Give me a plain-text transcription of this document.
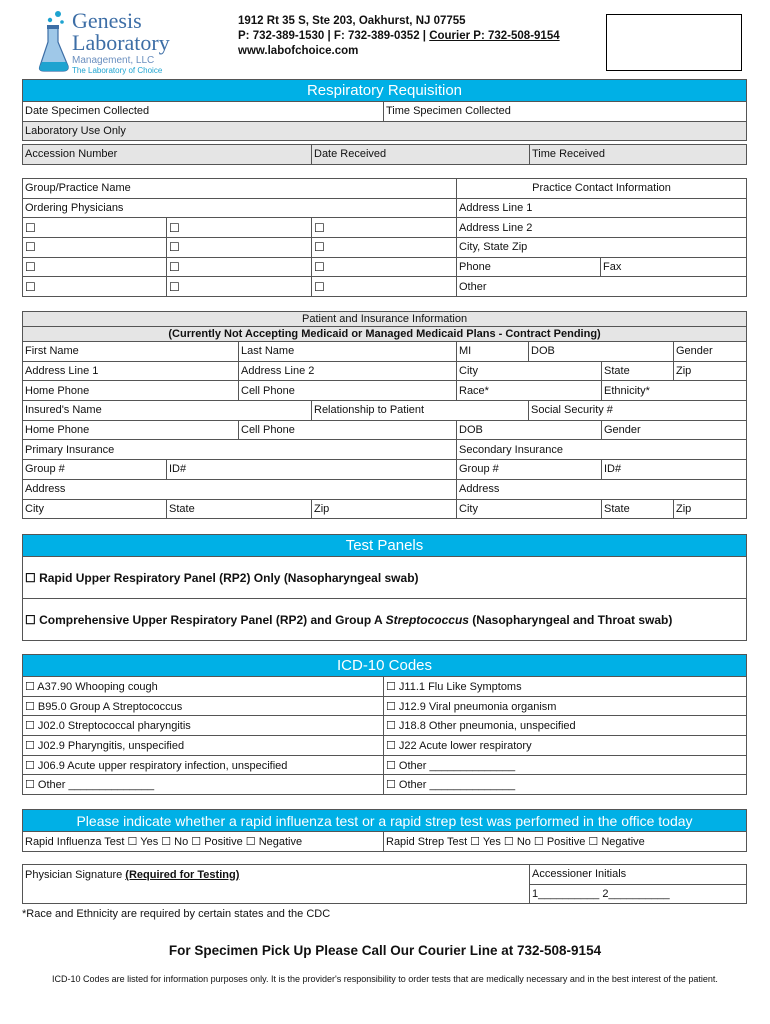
Genesis
Laboratory
Management, LLC
The Laboratory of Choice
1912 Rt 35 S, Ste 203, Oakhurst, NJ 07755
P: 732-389-1530 | F: 732-389-0352 | Courier P: 732-508-9154
www.labofchoice.com
Respiratory Requisition
Date Specimen Collected	Time Specimen Collected
Laboratory Use Only
Accession Number	Date Received	Time Received
Group/Practice Name			Practice Contact Information	
Ordering Physicians			Address Line 1	
☐	☐	☐	Address Line 2	
☐	☐	☐	City, State Zip	
☐	☐	☐	Phone	Fax
☐	☐	☐	Other	
Patient and Insurance Information							
(Currently Not Accepting Medicaid or Managed Medicaid Plans - Contract Pending)							
First Name		Last Name		MI	DOB		Gender
Address Line 1		Address Line 2		City		State	Zip
Home Phone		Cell Phone		Race*		Ethnicity*	
Insured's Name			Relationship to Patient		Social Security #		
Home Phone		Cell Phone		DOB		Gender	
Primary Insurance				Secondary Insurance			
Group #	ID#			Group #		ID#	
Address				Address			
City	State		Zip	City		State	Zip
Test Panels
☐ Rapid Upper Respiratory Panel (RP2) Only (Nasopharyngeal swab)
☐ Comprehensive Upper Respiratory Panel (RP2) and Group A Streptococcus (Nasopharyngeal and Throat swab)
ICD-10 Codes	
☐ A37.90 Whooping cough	☐ J11.1 Flu Like Symptoms
☐ B95.0 Group A Streptococcus	☐ J12.9 Viral pneumonia organism
☐ J02.0 Streptococcal pharyngitis	☐ J18.8 Other pneumonia, unspecified
☐ J02.9 Pharyngitis, unspecified	☐ J22 Acute lower respiratory
☐ J06.9 Acute upper respiratory infection, unspecified	☐ Other ______________
☐ Other ______________	☐ Other ______________
Please indicate whether a rapid influenza test or a rapid strep test was performed in the office today
Rapid Influenza Test ☐ Yes ☐ No ☐ Positive ☐ Negative	Rapid Strep Test ☐ Yes ☐ No ☐ Positive ☐ Negative
Physician Signature (Required for Testing)	Accessioner Initials
1__________ 2__________
*Race and Ethnicity are required by certain states and the CDC
For Specimen Pick Up Please Call Our Courier Line at 732-508-9154
ICD-10 Codes are listed for information purposes only. It is the provider's responsibility to order tests that are medically necessary and in the best interest of the patient.
